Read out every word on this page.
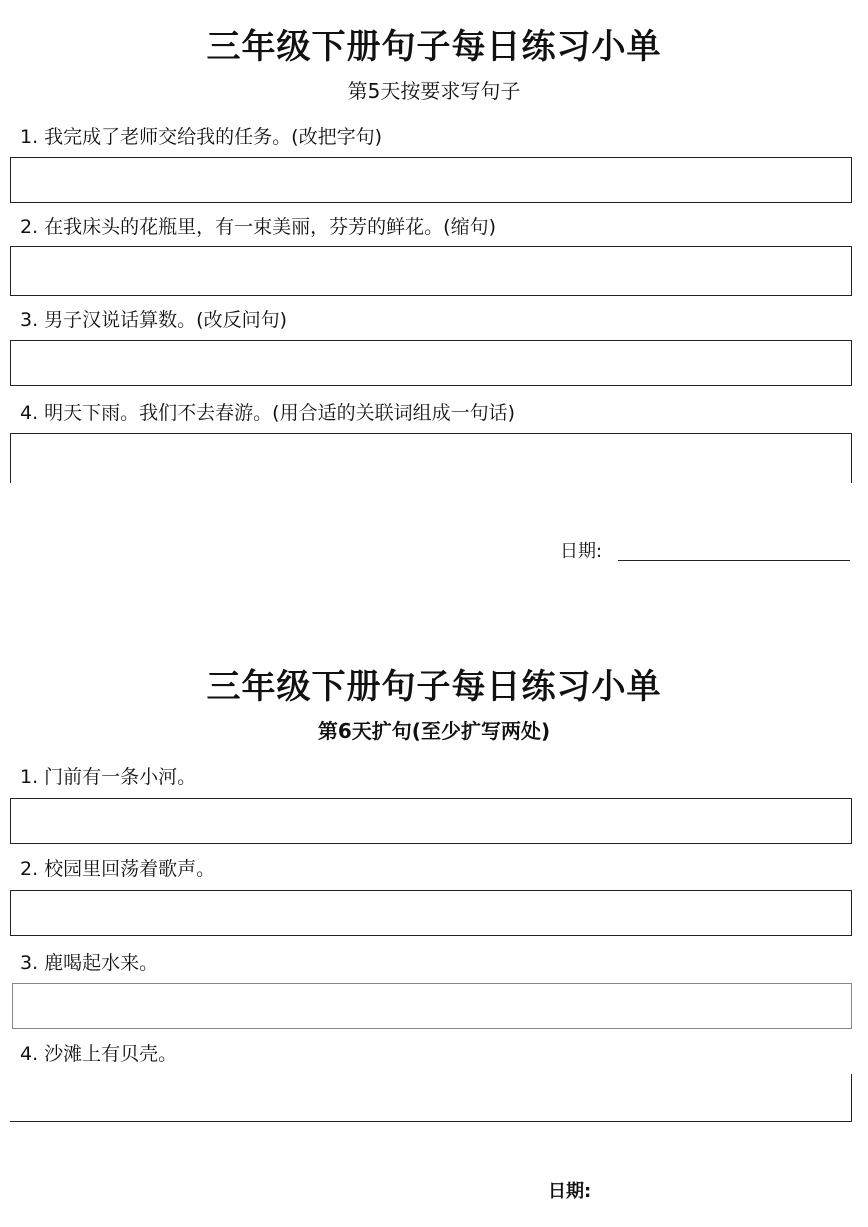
三年级下册句子每日练习小单
第5天按要求写句子
1. 我完成了老师交给我的任务。(改把字句)
2. 在我床头的花瓶里，有一束美丽，芬芳的鲜花。(缩句)
3. 男子汉说话算数。(改反问句)
4. 明天下雨。我们不去春游。(用合适的关联词组成一句话)
日期:
三年级下册句子每日练习小单
第6天扩句(至少扩写两处)
1. 门前有一条小河。
2. 校园里回荡着歌声。
3. 鹿喝起水来。
4. 沙滩上有贝壳。
日期:
